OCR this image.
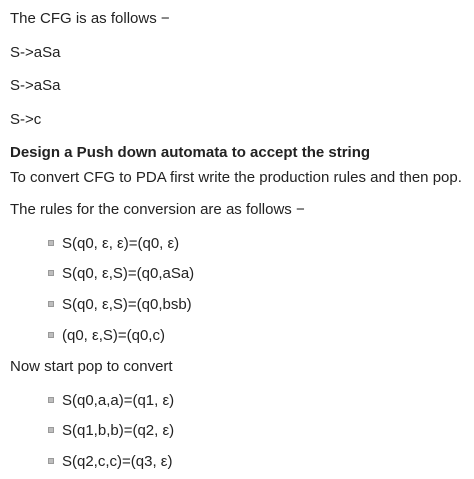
The CFG is as follows −
S->aSa
S->aSa
S->c
Design a Push down automata to accept the string
To convert CFG to PDA first write the production rules and then pop.
The rules for the conversion are as follows −
S(q0, ε, ε)=(q0, ε)
S(q0, ε,S)=(q0,aSa)
S(q0, ε,S)=(q0,bsb)
(q0, ε,S)=(q0,c)
Now start pop to convert
S(q0,a,a)=(q1, ε)
S(q1,b,b)=(q2, ε)
S(q2,c,c)=(q3, ε)
